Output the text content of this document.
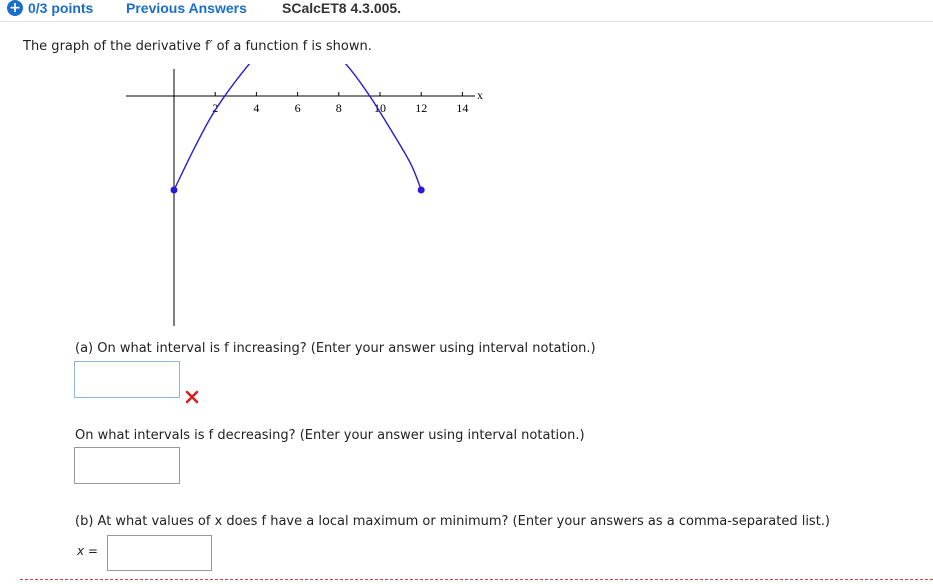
+ 0/3 points Previous Answers	SCalcET8 4.3.005.
The graph of the derivative f′ of a function f is shown.
x
2	4	6	8	10 12 14
(a) On what interval is f increasing? (Enter your answer using interval notation.)
On what intervals is f decreasing? (Enter your answer using interval notation.)
(b) At what values of x does f have a local maximum or minimum? (Enter your answers as a comma-separated list.)
x =
